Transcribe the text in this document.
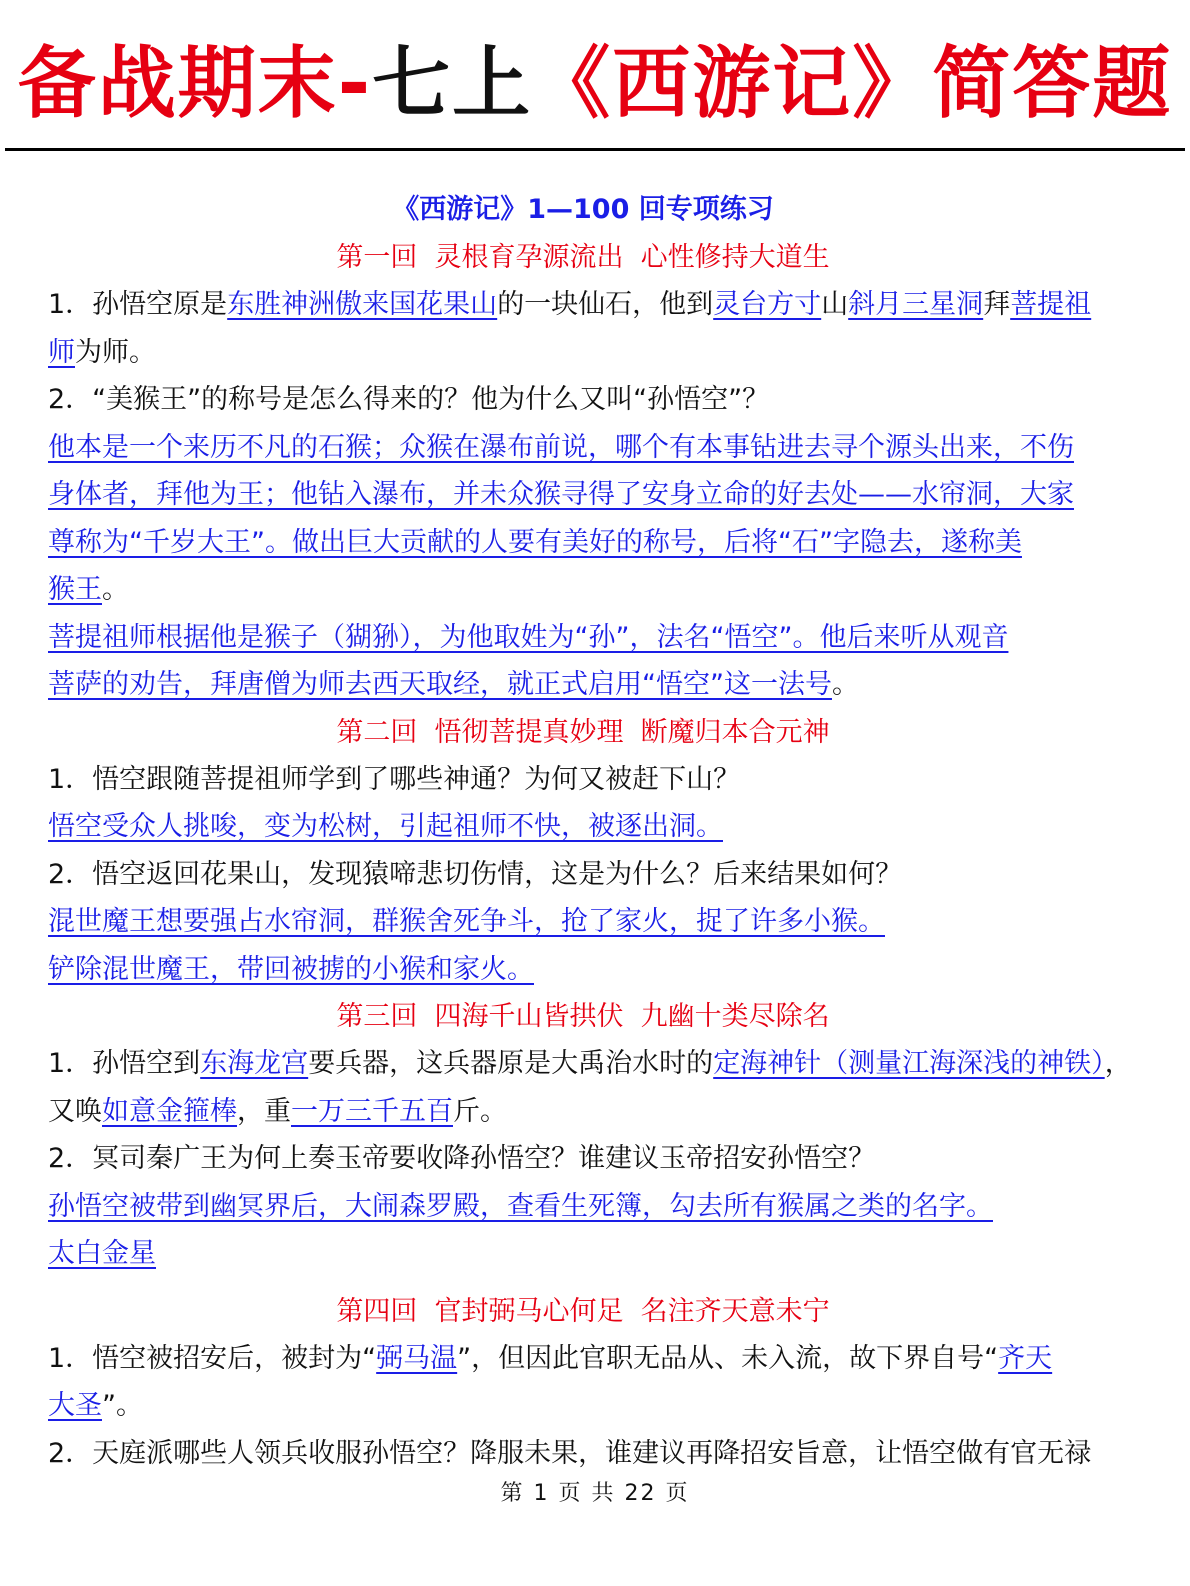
备战期末-七上《西游记》简答题
《西游记》1—100 回专项练习
第一回  灵根育孕源流出  心性修持大道生
1．孙悟空原是东胜神洲傲来国花果山的一块仙石，他到灵台方寸山斜月三星洞拜菩提祖
师为师。
2．“美猴王”的称号是怎么得来的？他为什么又叫“孙悟空”？
他本是一个来历不凡的石猴；众猴在瀑布前说，哪个有本事钻进去寻个源头出来，不伤
身体者，拜他为王；他钻入瀑布，并未众猴寻得了安身立命的好去处——水帘洞，大家
尊称为“千岁大王”。做出巨大贡献的人要有美好的称号，后将“石”字隐去，遂称美
猴王。
菩提祖师根据他是猴子（猢狲），为他取姓为“孙”，法名“悟空”。他后来听从观音
菩萨的劝告，拜唐僧为师去西天取经，就正式启用“悟空”这一法号。
第二回  悟彻菩提真妙理  断魔归本合元神
1．悟空跟随菩提祖师学到了哪些神通？为何又被赶下山？
悟空受众人挑唆，变为松树，引起祖师不快，被逐出洞。
2．悟空返回花果山，发现猿啼悲切伤情，这是为什么？后来结果如何？
混世魔王想要强占水帘洞，群猴舍死争斗，抢了家火，捉了许多小猴。
铲除混世魔王，带回被掳的小猴和家火。
第三回  四海千山皆拱伏  九幽十类尽除名
1．孙悟空到东海龙宫要兵器，这兵器原是大禹治水时的定海神针（测量江海深浅的神铁），
又唤如意金箍棒，重一万三千五百斤。
2．冥司秦广王为何上奏玉帝要收降孙悟空？谁建议玉帝招安孙悟空？
孙悟空被带到幽冥界后，大闹森罗殿，查看生死簿，勾去所有猴属之类的名字。
太白金星
第四回  官封弼马心何足  名注齐天意未宁
1．悟空被招安后，被封为“弼马温”，但因此官职无品从、未入流，故下界自号“齐天
大圣”。
2．天庭派哪些人领兵收服孙悟空？降服未果，谁建议再降招安旨意，让悟空做有官无禄
第 1 页 共 22 页
